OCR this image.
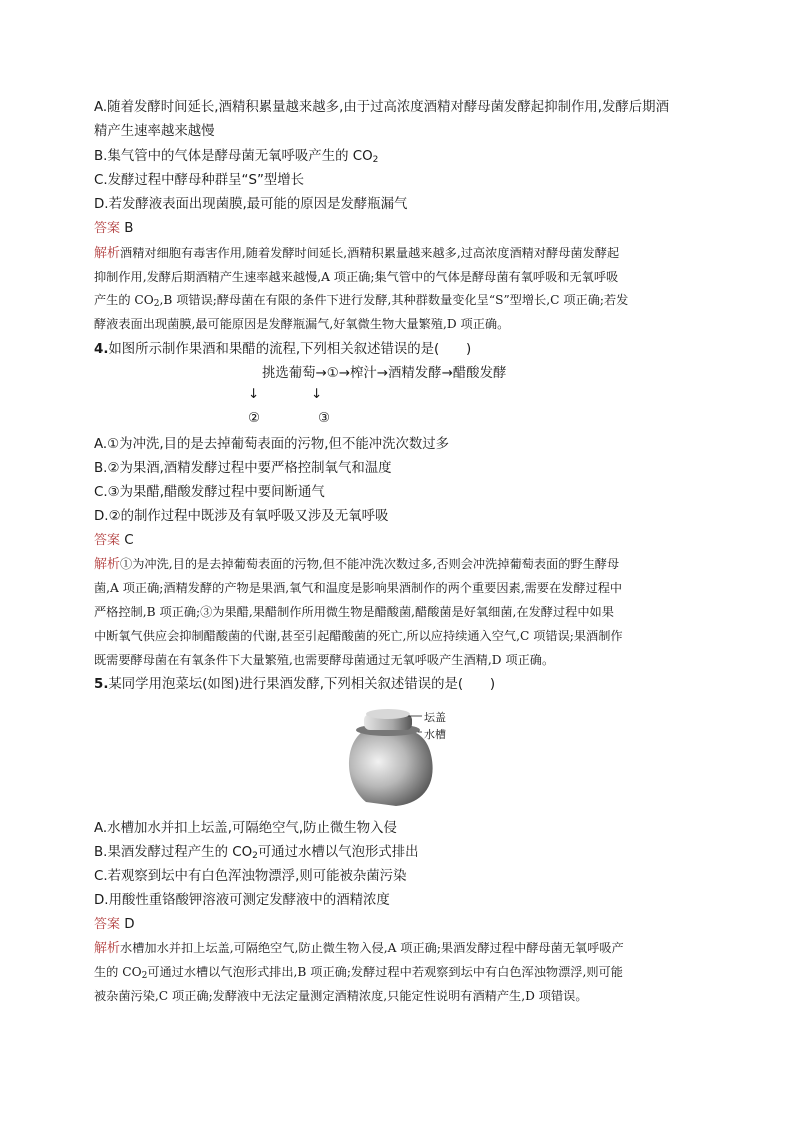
A.随着发酵时间延长,酒精积累量越来越多,由于过高浓度酒精对酵母菌发酵起抑制作用,发酵后期酒
精产生速率越来越慢
B.集气管中的气体是酵母菌无氧呼吸产生的 $CO_2$
C.发酵过程中酵母种群呈“S”型增长
D.若发酵液表面出现菌膜,最可能的原因是发酵瓶漏气
答案 B
解析酒精对细胞有毒害作用,随着发酵时间延长,酒精积累量越来越多,过高浓度酒精对酵母菌发酵起
抑制作用,发酵后期酒精产生速率越来越慢,A 项正确;集气管中的气体是酵母菌有氧呼吸和无氧呼吸
产生的 $CO_2,B$ 项错误;酵母菌在有限的条件下进行发酵,其种群数量变化呈“S”型增长,C 项正确;若发
酵液表面出现菌膜,最可能原因是发酵瓶漏气,好氧微生物大量繁殖,D 项正确。
4.如图所示制作果酒和果醋的流程,下列相关叙述错误的是(　　)
挑选葡萄→①→榨汁→酒精发酵→醋酸发酵
↓	↓
②	③
A.①为冲洗,目的是去掉葡萄表面的污物,但不能冲洗次数过多
B.②为果酒,酒精发酵过程中要严格控制氧气和温度
C.③为果醋,醋酸发酵过程中要间断通气
D.②的制作过程中既涉及有氧呼吸又涉及无氧呼吸
答案 C
解析①为冲洗,目的是去掉葡萄表面的污物,但不能冲洗次数过多,否则会冲洗掉葡萄表面的野生酵母
菌,A 项正确;酒精发酵的产物是果酒,氧气和温度是影响果酒制作的两个重要因素,需要在发酵过程中
严格控制,B 项正确;③为果醋,果醋制作所用微生物是醋酸菌,醋酸菌是好氧细菌,在发酵过程中如果
中断氧气供应会抑制醋酸菌的代谢,甚至引起醋酸菌的死亡,所以应持续通入空气,C 项错误;果酒制作
既需要酵母菌在有氧条件下大量繁殖,也需要酵母菌通过无氧呼吸产生酒精,D 项正确。
5.某同学用泡菜坛(如图)进行果酒发酵,下列相关叙述错误的是(　　)
坛盖
水槽
A.水槽加水并扣上坛盖,可隔绝空气,防止微生物入侵
B.果酒发酵过程产生的 $CO_2$可通过水槽以气泡形式排出
C.若观察到坛中有白色浑浊物漂浮,则可能被杂菌污染
D.用酸性重铬酸钾溶液可测定发酵液中的酒精浓度
答案 D
解析水槽加水并扣上坛盖,可隔绝空气,防止微生物入侵,A 项正确;果酒发酵过程中酵母菌无氧呼吸产
生的 $CO_2$可通过水槽以气泡形式排出,B 项正确;发酵过程中若观察到坛中有白色浑浊物漂浮,则可能
被杂菌污染,C 项正确;发酵液中无法定量测定酒精浓度,只能定性说明有酒精产生,D 项错误。
